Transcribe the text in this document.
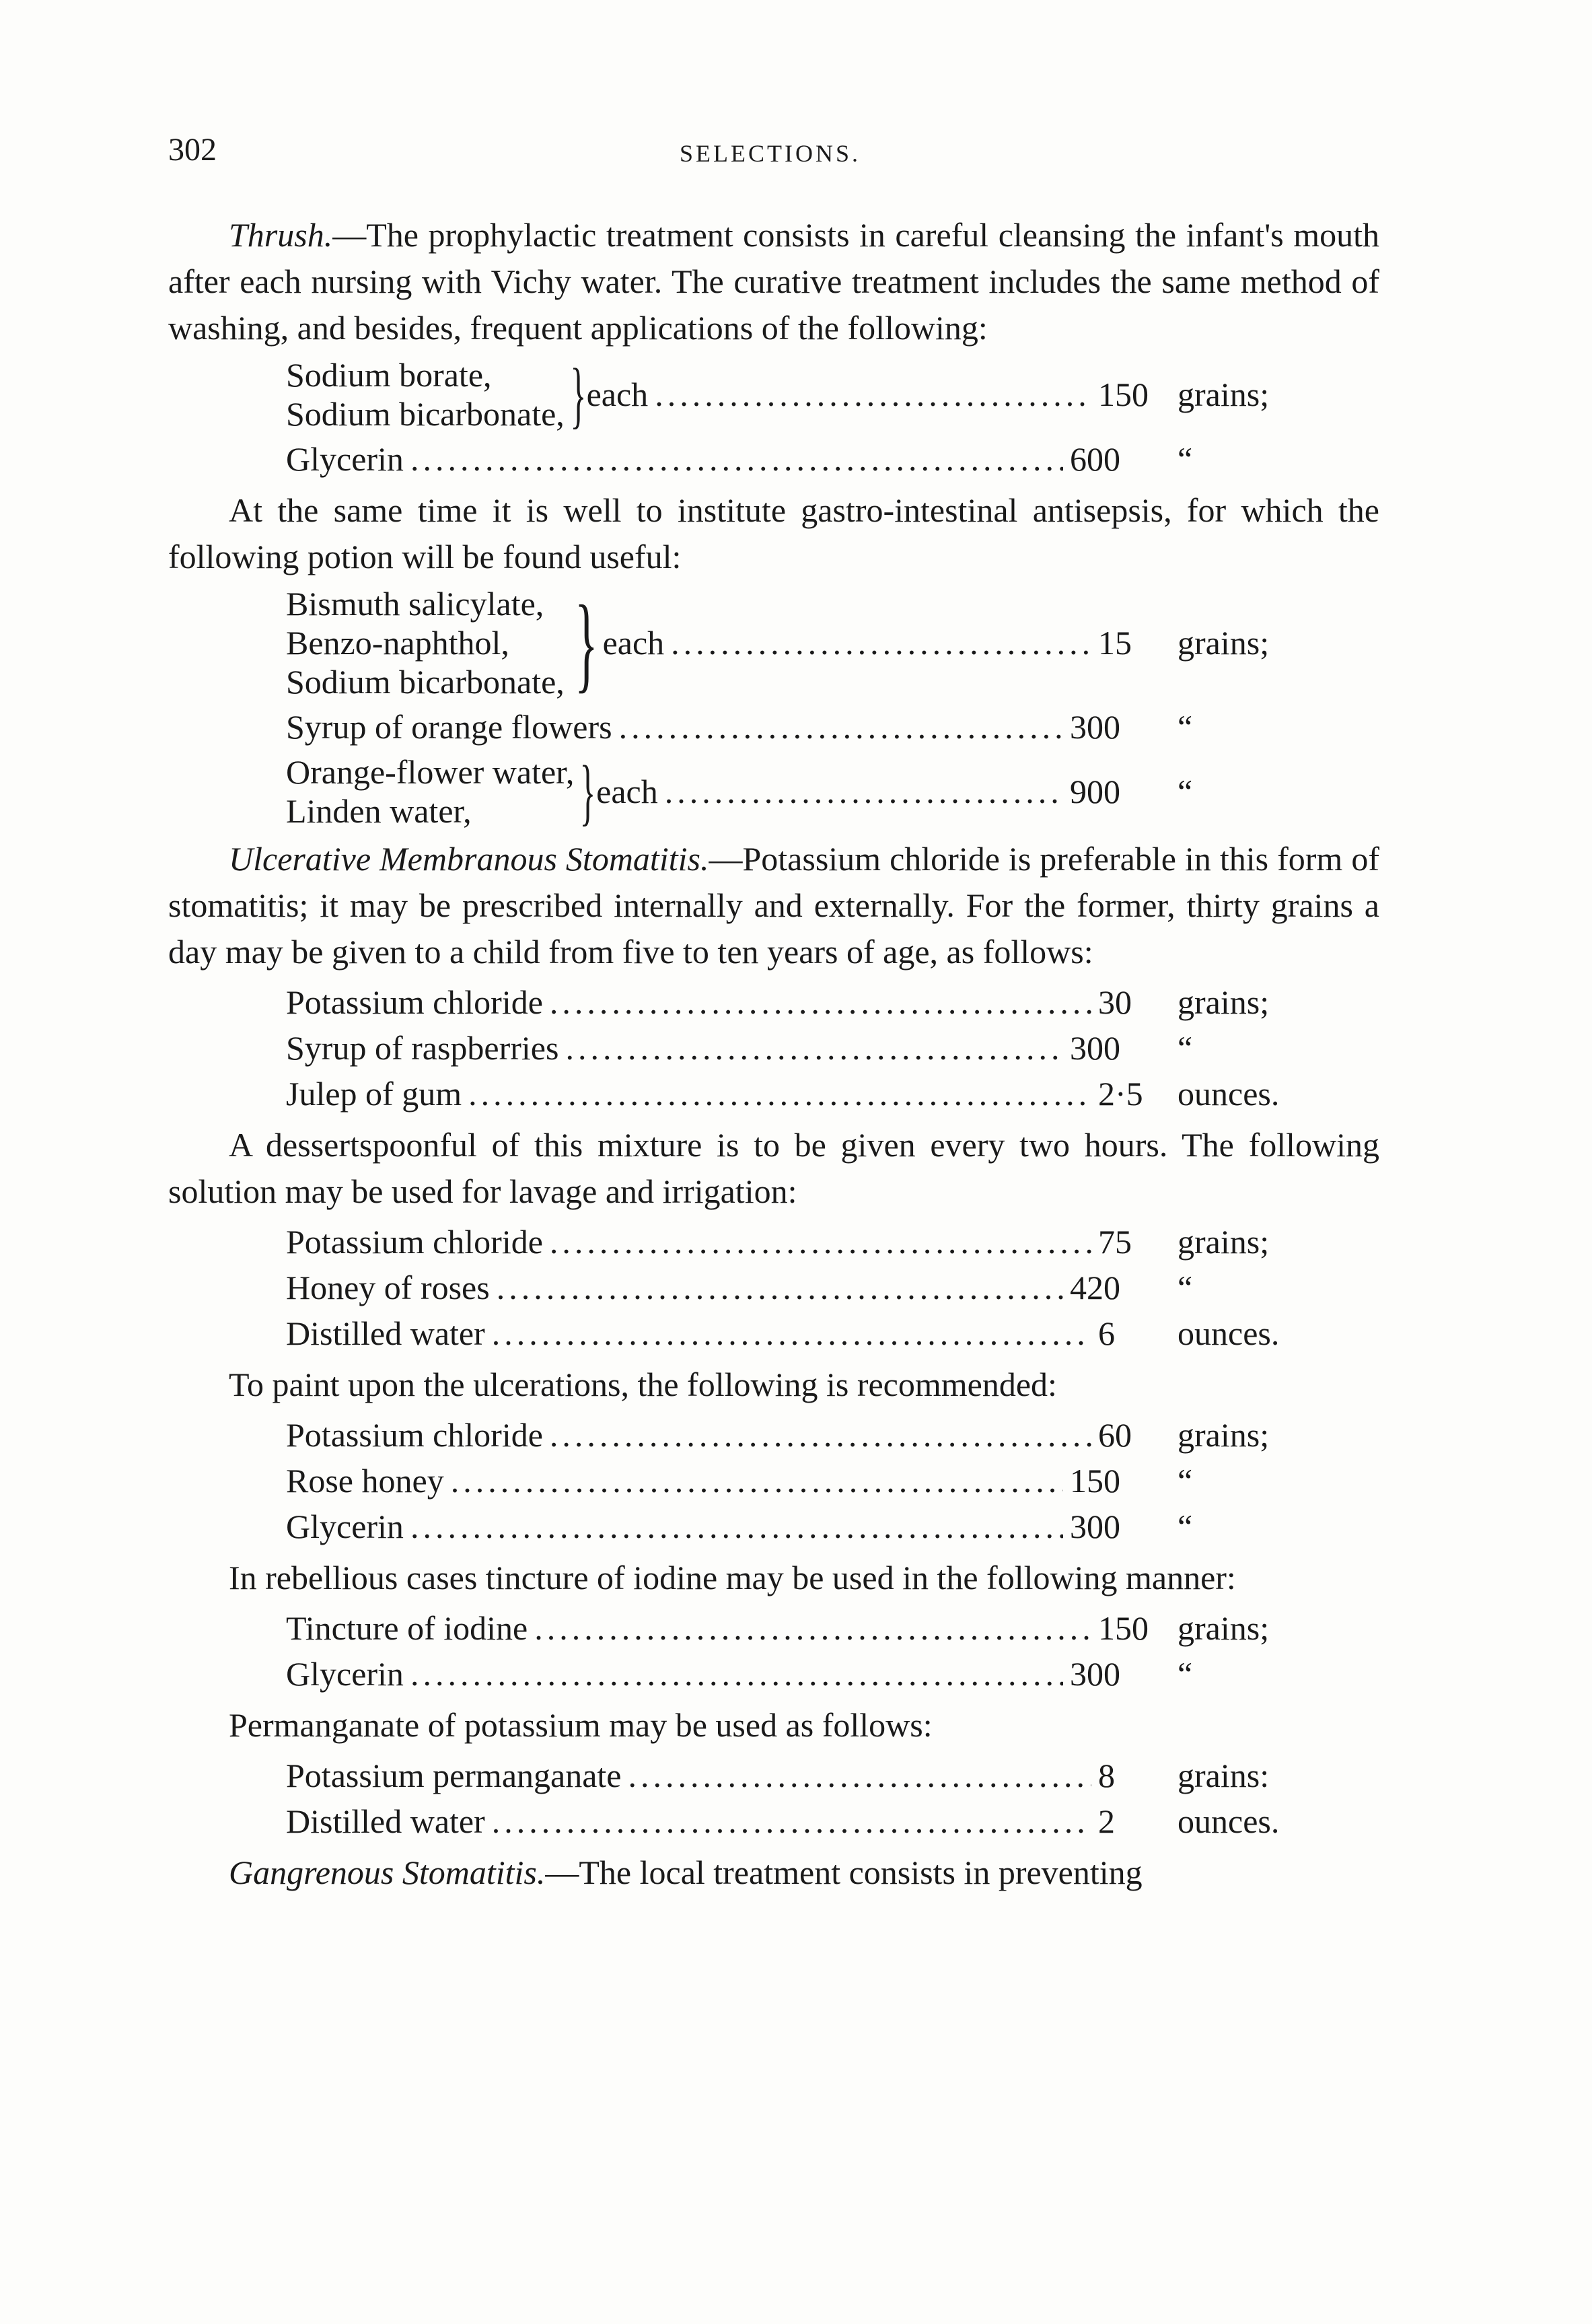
302	SELECTIONS.

Thrush.—The prophylactic treatment consists in careful cleansing the infant's mouth after each nursing with Vichy water. The curative treatment includes the same method of washing, and besides, frequent applications of the following:

Sodium borate,
Sodium bicarbonate, } each .....	150 grains;
Glycerin .....	600	“

At the same time it is well to institute gastro-intestinal antisepsis, for which the following potion will be found useful:

Bismuth salicylate,
Benzo-naphthol,
Sodium bicarbonate, } each .....	15	grains;
Syrup of orange flowers .....	300	“
Orange-flower water,
Linden water,	} each .....	900	“

Ulcerative Membranous Stomatitis.—Potassium chloride is preferable in this form of stomatitis; it may be prescribed internally and externally. For the former, thirty grains a day may be given to a child from five to ten years of age, as follows:

Potassium chloride .....	30	grains;
Syrup of raspberries .....	300	“
Julep of gum .....	2·5	ounces.

A dessertspoonful of this mixture is to be given every two hours. The following solution may be used for lavage and irrigation:

Potassium chloride .....	75	grains;
Honey of roses .....	420	“
Distilled water .....	6	ounces.

To paint upon the ulcerations, the following is recommended:

Potassium chloride .....	60	grains;
Rose honey .....	150	“
Glycerin .....	300	“

In rebellious cases tincture of iodine may be used in the following manner:

Tincture of iodine .....	150 grains;
Glycerin .....	300	“

Permanganate of potassium may be used as follows:

Potassium permanganate .....	8	grains:
Distilled water .....	2	ounces.

Gangrenous Stomatitis.—The local treatment consists in preventing
